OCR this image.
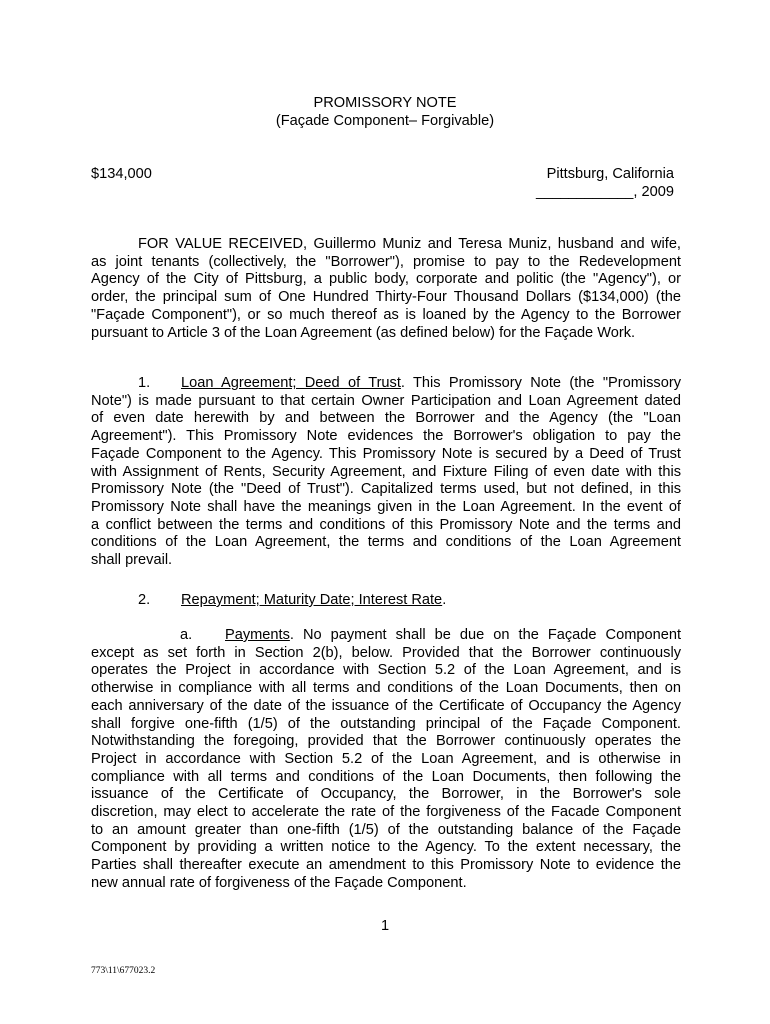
PROMISSORY NOTE
(Façade Component– Forgivable)
$134,000	Pittsburg, California
____________, 2009
FOR VALUE RECEIVED, Guillermo Muniz and Teresa Muniz, husband and wife,
as joint tenants (collectively, the "Borrower"), promise to pay to the Redevelopment
Agency of the City of Pittsburg, a public body, corporate and politic (the "Agency"), or
order, the principal sum of One Hundred Thirty-Four Thousand Dollars ($134,000) (the
"Façade Component"), or so much thereof as is loaned by the Agency to the Borrower
pursuant to Article 3 of the Loan Agreement (as defined below) for the Façade Work.
1. Loan Agreement; Deed of Trust. This Promissory Note (the "Promissory
Note") is made pursuant to that certain Owner Participation and Loan Agreement dated
of even date herewith by and between the Borrower and the Agency (the "Loan
Agreement"). This Promissory Note evidences the Borrower's obligation to pay the
Façade Component to the Agency. This Promissory Note is secured by a Deed of Trust
with Assignment of Rents, Security Agreement, and Fixture Filing of even date with this
Promissory Note (the "Deed of Trust"). Capitalized terms used, but not defined, in this
Promissory Note shall have the meanings given in the Loan Agreement. In the event of
a conflict between the terms and conditions of this Promissory Note and the terms and
conditions of the Loan Agreement, the terms and conditions of the Loan Agreement
shall prevail.
2. Repayment; Maturity Date; Interest Rate.
a. Payments. No payment shall be due on the Façade Component
except as set forth in Section 2(b), below. Provided that the Borrower continuously
operates the Project in accordance with Section 5.2 of the Loan Agreement, and is
otherwise in compliance with all terms and conditions of the Loan Documents, then on
each anniversary of the date of the issuance of the Certificate of Occupancy the Agency
shall forgive one-fifth (1/5) of the outstanding principal of the Façade Component.
Notwithstanding the foregoing, provided that the Borrower continuously operates the
Project in accordance with Section 5.2 of the Loan Agreement, and is otherwise in
compliance with all terms and conditions of the Loan Documents, then following the
issuance of the Certificate of Occupancy, the Borrower, in the Borrower's sole
discretion, may elect to accelerate the rate of the forgiveness of the Facade Component
to an amount greater than one-fifth (1/5) of the outstanding balance of the Façade
Component by providing a written notice to the Agency. To the extent necessary, the
Parties shall thereafter execute an amendment to this Promissory Note to evidence the
new annual rate of forgiveness of the Façade Component.
1
773\11\677023.2
